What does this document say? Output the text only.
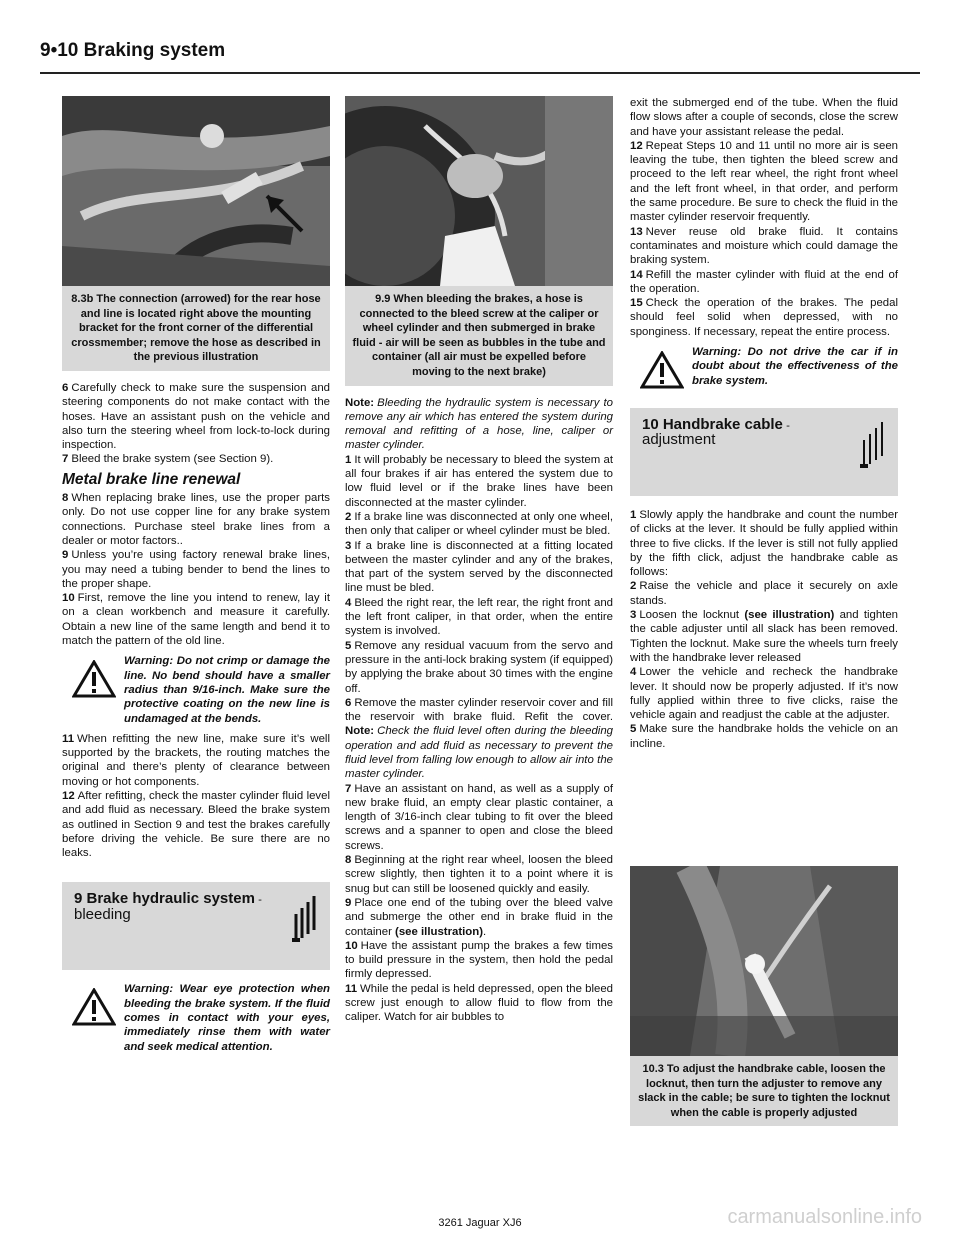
9•10 Braking system
8.3b The connection (arrowed) for the rear hose and line is located right above the mounting bracket for the front corner of the differential crossmember; remove the hose as described in the previous illustration

6 Carefully check to make sure the suspension and steering components do not make contact with the hoses. Have an assistant push on the vehicle and also turn the steering wheel from lock-to-lock during inspection.

7 Bleed the brake system (see Section 9).

Metal brake line renewal

8 When replacing brake lines, use the proper parts only. Do not use copper line for any brake system connections. Purchase steel brake lines from a dealer or motor factors..

9 Unless you’re using factory renewal brake lines, you may need a tubing bender to bend the lines to the proper shape.

10 First, remove the line you intend to renew, lay it on a clean workbench and measure it carefully. Obtain a new line of the same length and bend it to match the pattern of the old line.

Warning: Do not crimp or damage the line. No bend should have a smaller radius than 9/16-inch. Make sure the protective coating on the new line is undamaged at the bends.

11 When refitting the new line, make sure it’s well supported by the brackets, the routing matches the original and there’s plenty of clearance between moving or hot components.

12 After refitting, check the master cylinder fluid level and add fluid as necessary. Bleed the brake system as outlined in Section 9 and test the brakes carefully before driving the vehicle. Be sure there are no leaks.

9 Brake hydraulic system -
bleeding
Warning: Wear eye protection when bleeding the brake system. If the fluid comes in contact with your eyes, immediately rinse them with water and seek medical attention.
9.9 When bleeding the brakes, a hose is connected to the bleed screw at the caliper or wheel cylinder and then submerged in brake fluid - air will be seen as bubbles in the tube and container (all air must be expelled before moving to the next brake)

Note: Bleeding the hydraulic system is necessary to remove any air which has entered the system during removal and refitting of a hose, line, caliper or master cylinder.

1 It will probably be necessary to bleed the system at all four brakes if air has entered the system due to low fluid level or if the brake lines have been disconnected at the master cylinder.

2 If a brake line was disconnected at only one wheel, then only that caliper or wheel cylinder must be bled.

3 If a brake line is disconnected at a fitting located between the master cylinder and any of the brakes, that part of the system served by the disconnected line must be bled.

4 Bleed the right rear, the left rear, the right front and the left front caliper, in that order, when the entire system is involved.

5 Remove any residual vacuum from the servo and pressure in the anti-lock braking system (if equipped) by applying the brake about 30 times with the engine off.

6 Remove the master cylinder reservoir cover and fill the reservoir with brake fluid. Refit the cover. Note: Check the fluid level often during the bleeding operation and add fluid as necessary to prevent the fluid level from falling low enough to allow air into the master cylinder.

7 Have an assistant on hand, as well as a supply of new brake fluid, an empty clear plastic container, a length of 3/16-inch clear tubing to fit over the bleed screws and a spanner to open and close the bleed screws.

8 Beginning at the right rear wheel, loosen the bleed screw slightly, then tighten it to a point where it is snug but can still be loosened quickly and easily.

9 Place one end of the tubing over the bleed valve and submerge the other end in brake fluid in the container (see illustration).

10 Have the assistant pump the brakes a few times to build pressure in the system, then hold the pedal firmly depressed.

11 While the pedal is held depressed, open the bleed screw just enough to allow fluid to flow from the caliper. Watch for air bubbles to

exit the submerged end of the tube. When the fluid flow slows after a couple of seconds, close the screw and have your assistant release the pedal.

12 Repeat Steps 10 and 11 until no more air is seen leaving the tube, then tighten the bleed screw and proceed to the left rear wheel, the right front wheel and the left front wheel, in that order, and perform the same procedure. Be sure to check the fluid in the master cylinder reservoir frequently.

13 Never reuse old brake fluid. It contains contaminates and moisture which could damage the braking system.

14 Refill the master cylinder with fluid at the end of the operation.

15 Check the operation of the brakes. The pedal should feel solid when depressed, with no sponginess. If necessary, repeat the entire process.

Warning: Do not drive the car if in doubt about the effectiveness of the brake system.
10 Handbrake cable -
adjustment

1 Slowly apply the handbrake and count the number of clicks at the lever. It should be fully applied within three to five clicks. If the lever is still not fully applied by the fifth click, adjust the handbrake cable as follows:

2 Raise the vehicle and place it securely on axle stands.

3 Loosen the locknut (see illustration) and tighten the cable adjuster until all slack has been removed. Tighten the locknut. Make sure the wheels turn freely with the handbrake lever released

4 Lower the vehicle and recheck the handbrake lever. It should now be properly adjusted. If it’s now fully applied within three to five clicks, raise the vehicle again and readjust the cable at the adjuster.

5 Make sure the handbrake holds the vehicle on an incline.

10.3 To adjust the handbrake cable, loosen the locknut, then turn the adjuster to remove any slack in the cable; be sure to tighten the locknut when the cable is properly adjusted
3261 Jaguar XJ6	carmanualsonline.info
